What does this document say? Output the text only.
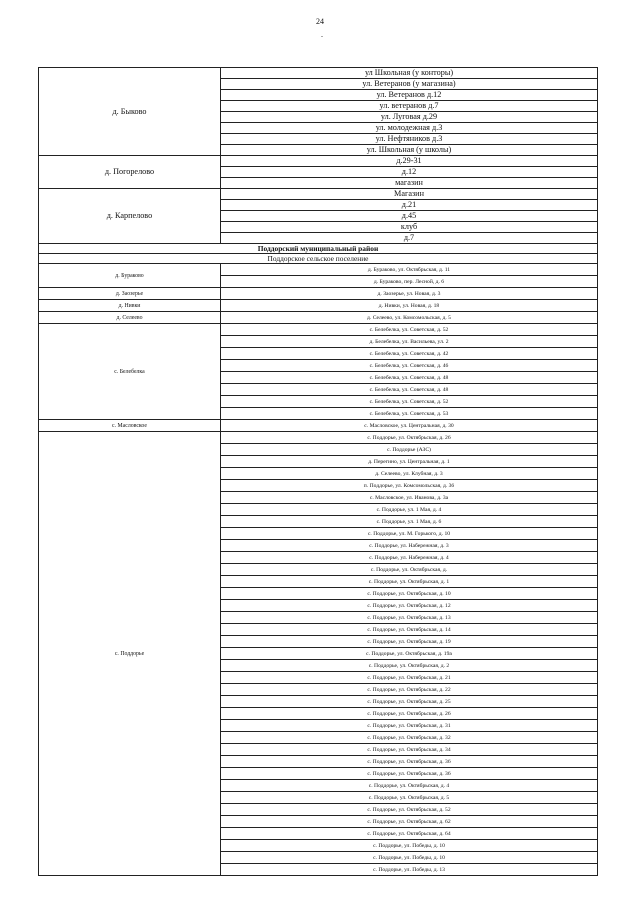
24
-
д. Быково	ул Школьная (у конторы)
	ул. Ветеранов (у магазина)
	ул. Ветеранов д.12
	ул. ветеранов д.7
	ул. Луговая д.29
	ул. молодежная д.3
	ул. Нефтяников д.3
	ул. Школьная (у школы)
д. Погорелово	д.29-31
	д.12
	магазин
д. Карпелово	Магазин
	д.21
	д.45
	клуб
	д.7
Поддорский муниципальный район	
Поддорское сельское поселение	
д. Бураково	д. Бураково, ул. Октябрьская, д. 11
	д. Бураково, пер. Лесной, д. 6
д. Заозерье	д. Заозерье, ул. Новая, д. 3
д. Нивки	д. Нивки, ул. Новая, д. 18
д. Селеево	д. Селеево, ул. Комсомольская, д. 5
с. Белебелка	с. Белебелка, ул. Советская, д. 52
	д. Белебелка, ул. Васильева, ул. 2
	с. Белебелка, ул. Советская, д. 42
	с. Белебелка, ул. Советская, д. 46
	с. Белебелка, ул. Советская, д. 48
	с. Белебелка, ул. Советская, д. 48
	с. Белебелка, ул. Советская, д. 52
	с. Белебелка, ул. Советская, д. 53
с. Масловское	с. Масловское, ул. Центральная, д. 30
с. Поддорье	с. Поддорье, ул. Октябрьская, д. 26
	с. Поддорье (АЗС)
	д. Перегино, ул. Центральная, д. 1
	д. Селеево, ул. Клубная, д. 3
	п. Поддорье, ул. Комсомольская, д. 36
	с. Масловское, ул. Иванова, д. 3а
	с. Поддорье, ул. 1 Мая, д. 4
	с. Поддорье, ул. 1 Мая, д. 6
	с. Поддорье, ул. М. Горького, д. 10
	с. Поддорье, ул. Набережная, д. 3
	с. Поддорье, ул. Набережная, д. 4
	с. Поддорье, ул. Октябрьская, д.
	с. Поддорье, ул. Октябрьская, д. 1
	с. Поддорье, ул. Октябрьская, д. 10
	с. Поддорье, ул. Октябрьская, д. 12
	с. Поддорье, ул. Октябрьская, д. 13
	с. Поддорье, ул. Октябрьская, д. 14
	с. Поддорье, ул. Октябрьская, д. 19
	с. Поддорье, ул. Октябрьская, д. 19а
	с. Поддорье, ул. Октябрьская, д. 2
	с. Поддорье, ул. Октябрьская, д. 21
	с. Поддорье, ул. Октябрьская, д. 22
	с. Поддорье, ул. Октябрьская, д. 25
	с. Поддорье, ул. Октябрьская, д. 26
	с. Поддорье, ул. Октябрьская, д. 31
	с. Поддорье, ул. Октябрьская, д. 32
	с. Поддорье, ул. Октябрьская, д. 34
	с. Поддорье, ул. Октябрьская, д. 36
	с. Поддорье, ул. Октябрьская, д. 36
	с. Поддорье, ул. Октябрьская, д. 4
	с. Поддорье, ул. Октябрьская, д. 5
	с. Поддорье, ул. Октябрьская, д. 52
	с. Поддорье, ул. Октябрьская, д. 62
	с. Поддорье, ул. Октябрьская, д. 64
	с. Поддорье, ул. Победы, д. 10
	с. Поддорье, ул. Победы, д. 10
	с. Поддорье, ул. Победы, д. 13
